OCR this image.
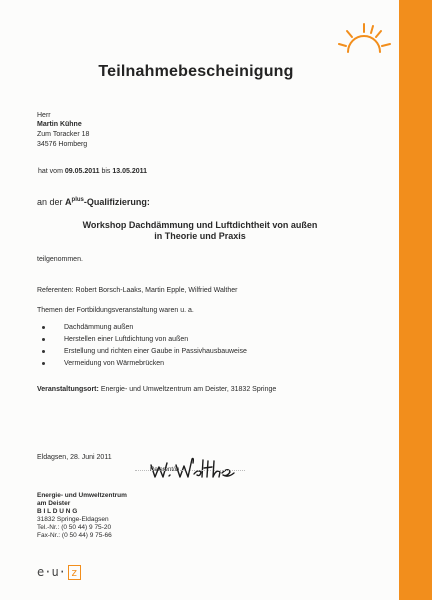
Teilnahmebescheinigung
Herr
Martin Kühne
Zum Toracker 18
34576 Homberg
hat vom 09.05.2011 bis 13.05.2011
an der $A^{plus}$-Qualifizierung:
Workshop Dachdämmung und Luftdichtheit von außen
in Theorie und Praxis
teilgenommen.
Referenten: Robert Borsch-Laaks, Martin Epple, Wilfried Walther
Themen der Fortbildungsveranstaltung waren u. a.
Dachdämmung außen
Herstellen einer Luftdichtung von außen
Erstellung und richten einer Gaube in Passivhausbauweise
Vermeidung von Wärmebrücken
Veranstaltungsort: Energie- und Umweltzentrum am Deister, 31832 Springe
Eldagsen, 28. Juni 2011
Referent/in
Energie- und Umweltzentrum
am Deister
B I L D U N G
31832 Springe-Eldagsen
Tel.-Nr.: (0 50 44) 9 75-20
Fax-Nr.: (0 50 44) 9 75-66
e·u· z
